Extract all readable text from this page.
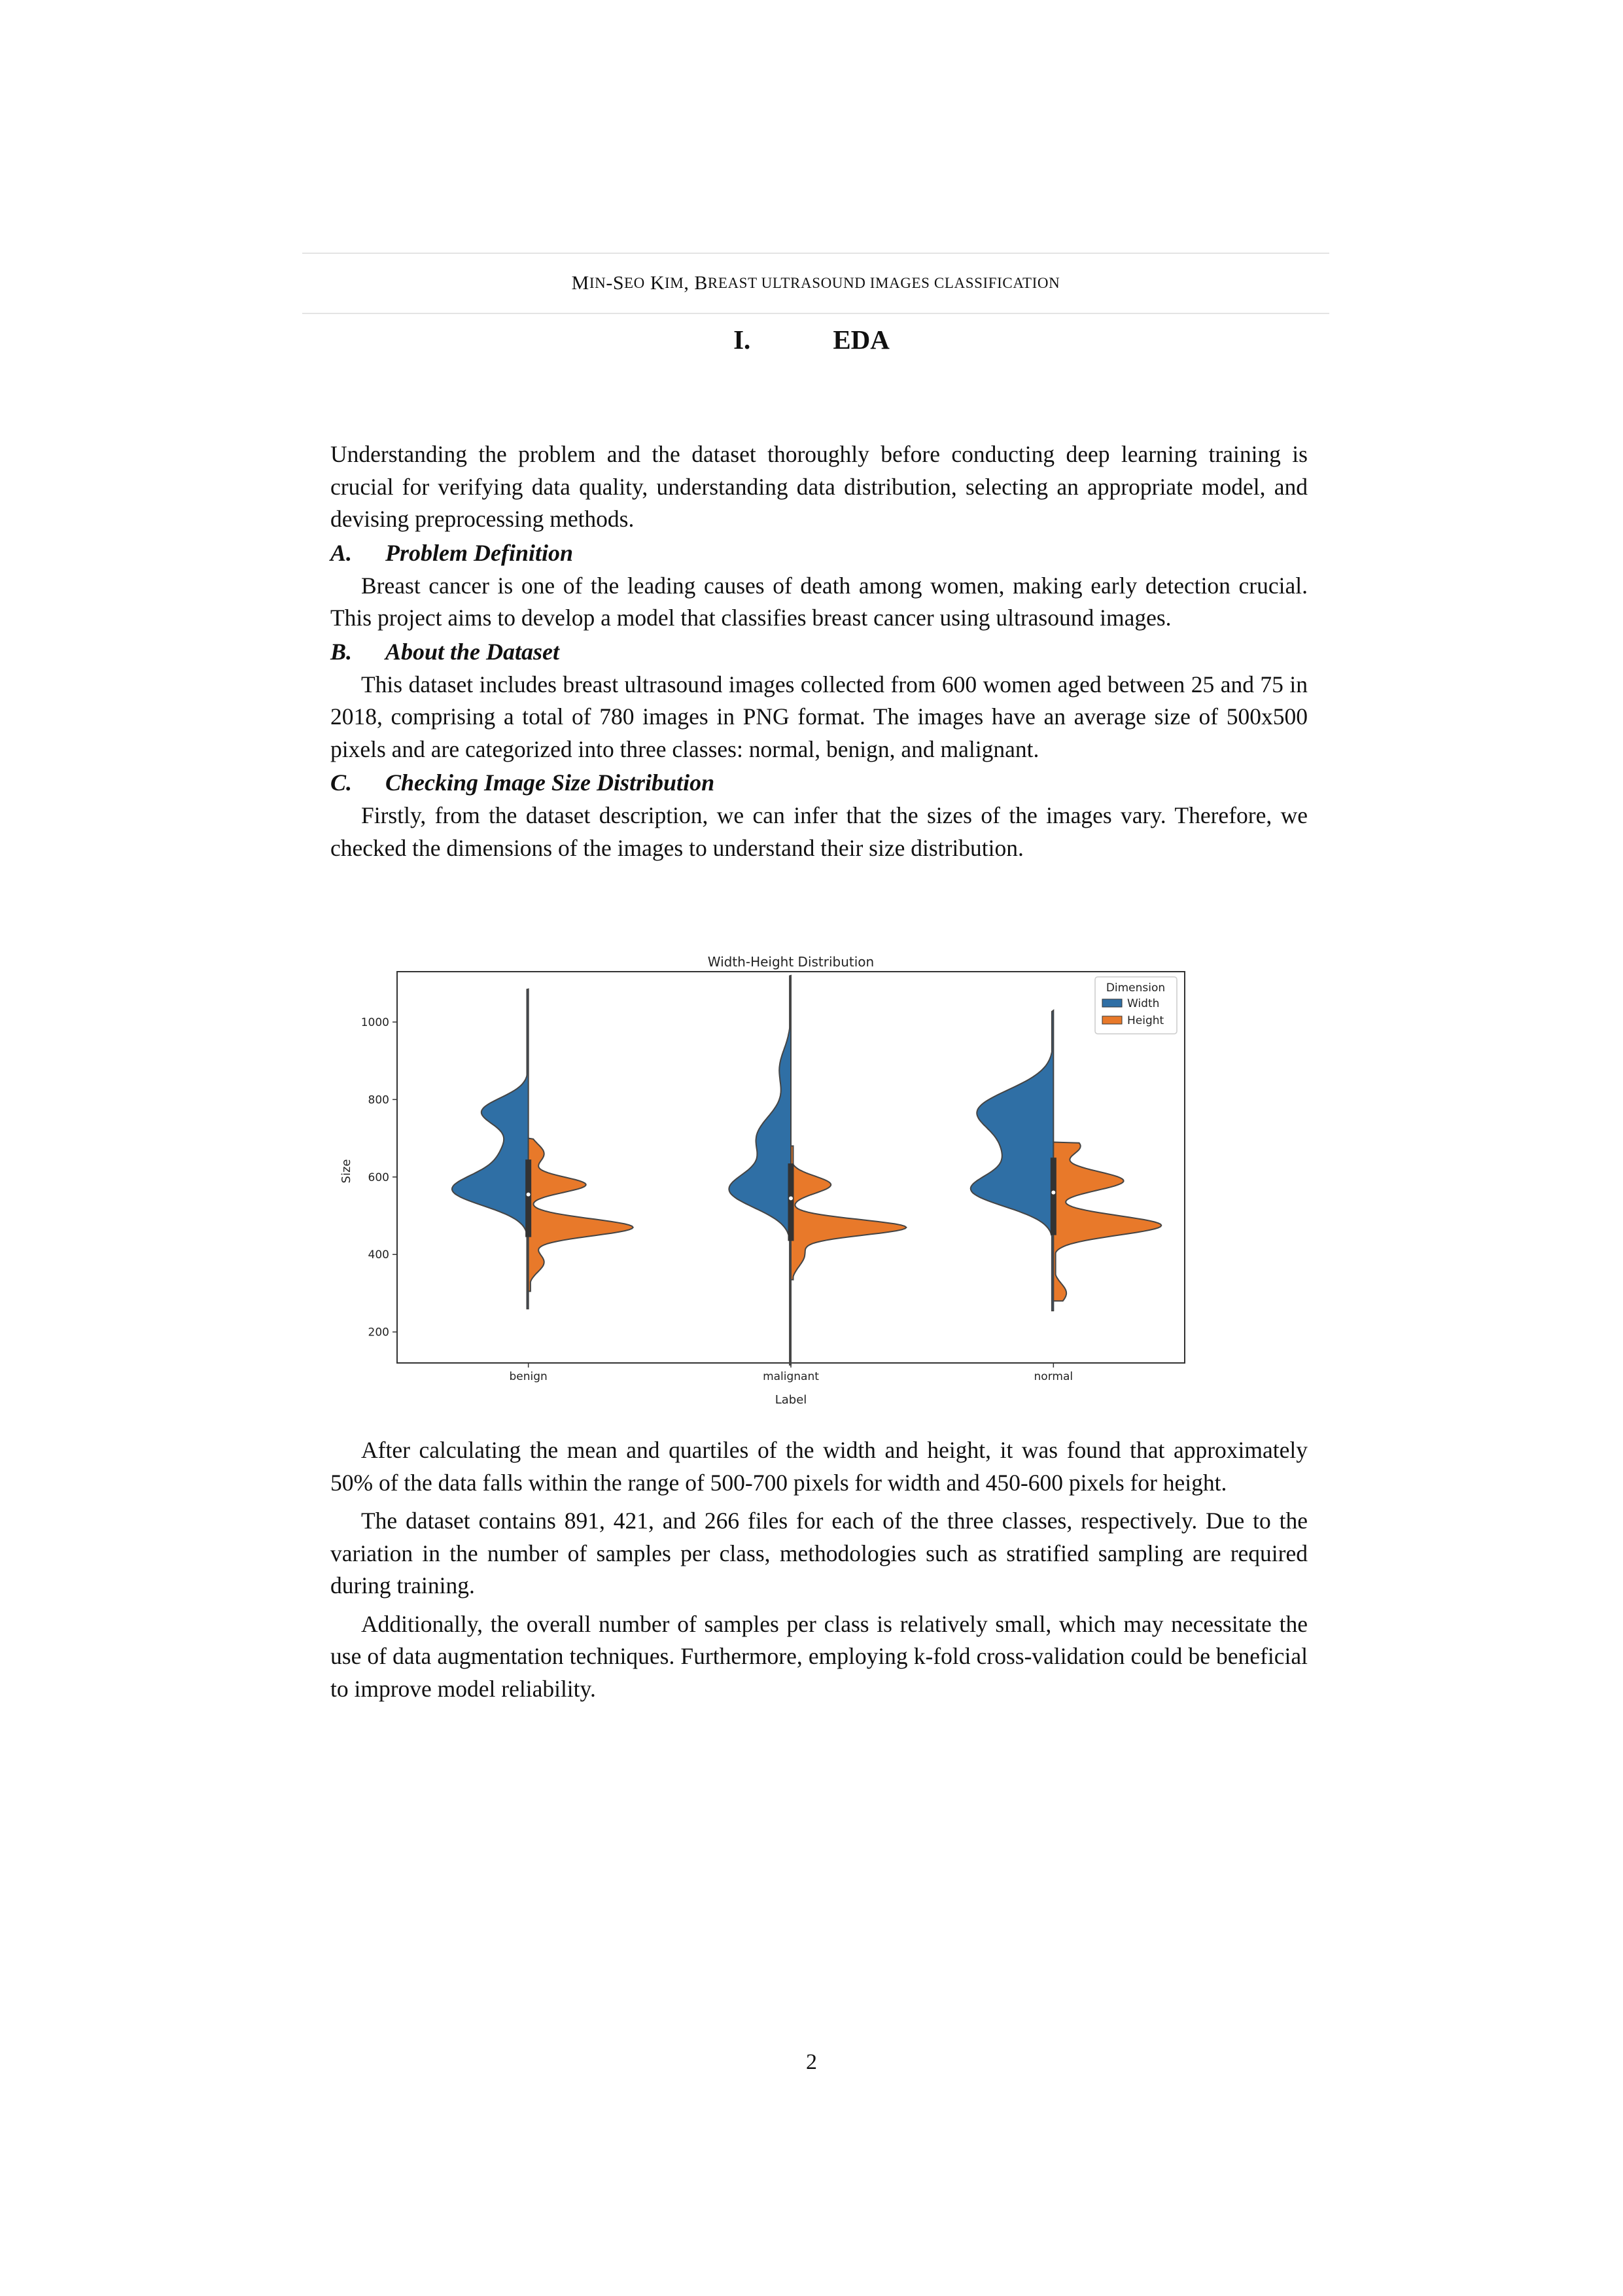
M IN - S EO
K IM , B REAST ULTRASOUND IMAGES CLASSIFICATION
I.	EDA

Understanding the problem and the dataset thoroughly before conducting deep learning training is crucial for verifying data quality, understanding data distribution, selecting an appropriate model, and devising preprocessing methods.

A. Problem Definition

Breast cancer is one of the leading causes of death among women, making early detection crucial. This project aims to develop a model that classifies breast cancer using ultrasound images.

B. About the Dataset

This dataset includes breast ultrasound images collected from 600 women aged between 25 and 75 in 2018, comprising a total of 780 images in PNG format. The images have an average size of 500x500 pixels and are categorized into three classes: normal, benign, and malignant.

C. Checking Image Size Distribution

Firstly, from the dataset description, we can infer that the sizes of the images vary. Therefore, we checked the dimensions of the images to understand their size distribution.

Width-Height Distribution
Size
Label
200
400
600
800
1000
benign	malignant	normal
Dimension
Width
Height

After calculating the mean and quartiles of the width and height, it was found that approximately 50% of the data falls within the range of 500-700 pixels for width and 450-600 pixels for height.

The dataset contains 891, 421, and 266 files for each of the three classes, respectively. Due to the variation in the number of samples per class, methodologies such as stratified sampling are required during training.

Additionally, the overall number of samples per class is relatively small, which may necessitate the use of data augmentation techniques. Furthermore, employing k-fold cross-validation could be beneficial to improve model reliability.

2
